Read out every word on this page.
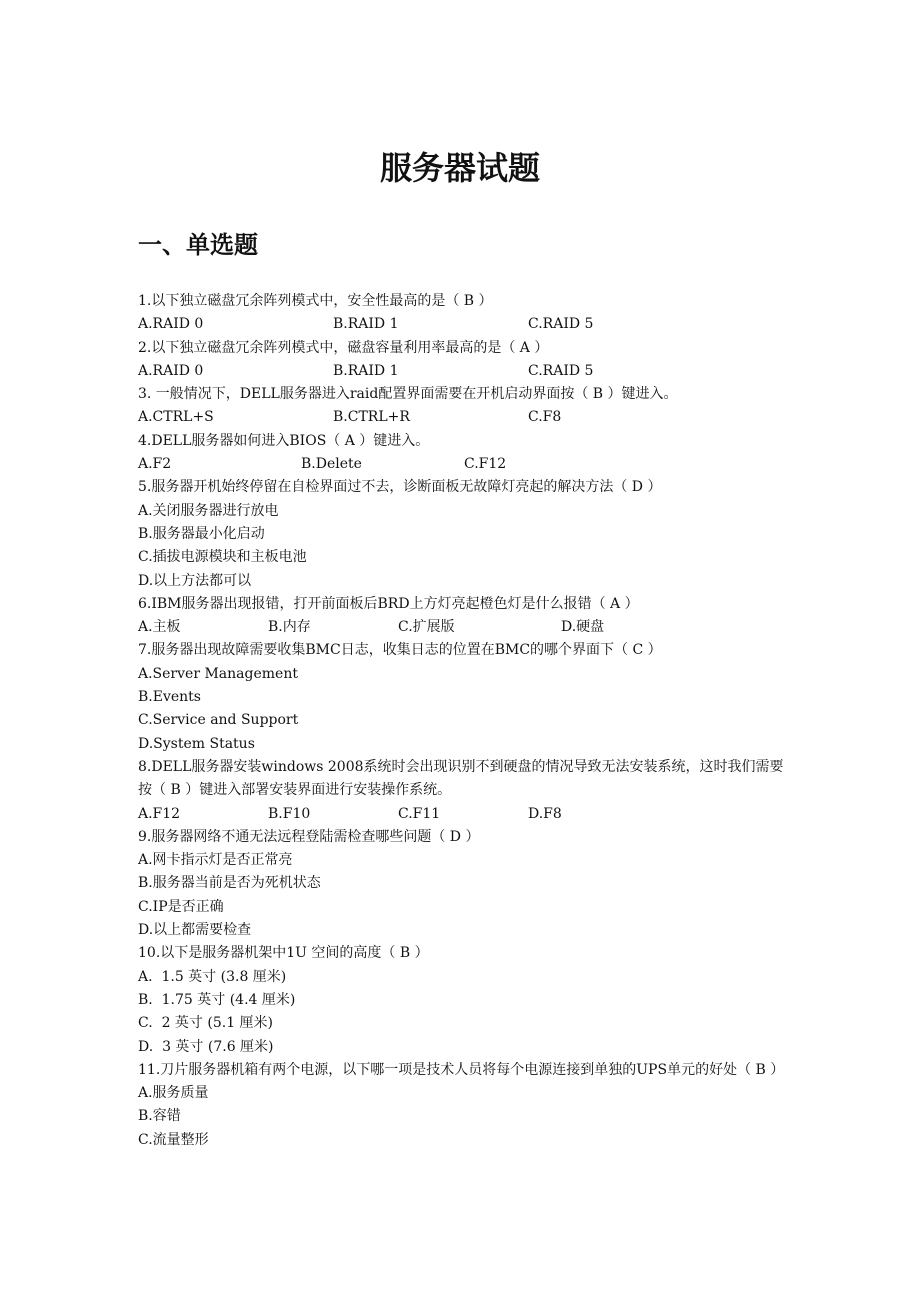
服务器试题
一、单选题
1.以下独立磁盘冗余阵列模式中，安全性最高的是（ B ）
A.RAID 0	B.RAID 1	C.RAID 5
2.以下独立磁盘冗余阵列模式中，磁盘容量利用率最高的是（ A ）
A.RAID 0	B.RAID 1	C.RAID 5
3. 一般情况下，DELL服务器进入raid配置界面需要在开机启动界面按（ B ）键进入。
A.CTRL+S	B.CTRL+R	C.F8
4.DELL服务器如何进入BIOS（ A ）键进入。
A.F2	B.Delete	C.F12
5.服务器开机始终停留在自检界面过不去，诊断面板无故障灯亮起的解决方法（ D ）
A.关闭服务器进行放电
B.服务器最小化启动
C.插拔电源模块和主板电池
D.以上方法都可以
6.IBM服务器出现报错，打开前面板后BRD上方灯亮起橙色灯是什么报错（ A ）
A.主板	B.内存	C.扩展版	D.硬盘
7.服务器出现故障需要收集BMC日志，收集日志的位置在BMC的哪个界面下（ C ）
A.Server Management
B.Events
C.Service and Support
D.System Status
8.DELL服务器安装windows 2008系统时会出现识别不到硬盘的情况导致无法安装系统，这时我们需要按（ B ）键进入部署安装界面进行安装操作系统。
A.F12	B.F10	C.F11	D.F8
9.服务器网络不通无法远程登陆需检查哪些问题（ D ）
A.网卡指示灯是否正常亮
B.服务器当前是否为死机状态
C.IP是否正确
D.以上都需要检查
10.以下是服务器机架中1U 空间的高度（ B ）
A.  1.5 英寸 (3.8 厘米)
B.  1.75 英寸 (4.4 厘米)
C.  2 英寸 (5.1 厘米)
D.  3 英寸 (7.6 厘米)
11.刀片服务器机箱有两个电源，以下哪一项是技术人员将每个电源连接到单独的UPS单元的好处（ B ）
A.服务质量
B.容错
C.流量整形
